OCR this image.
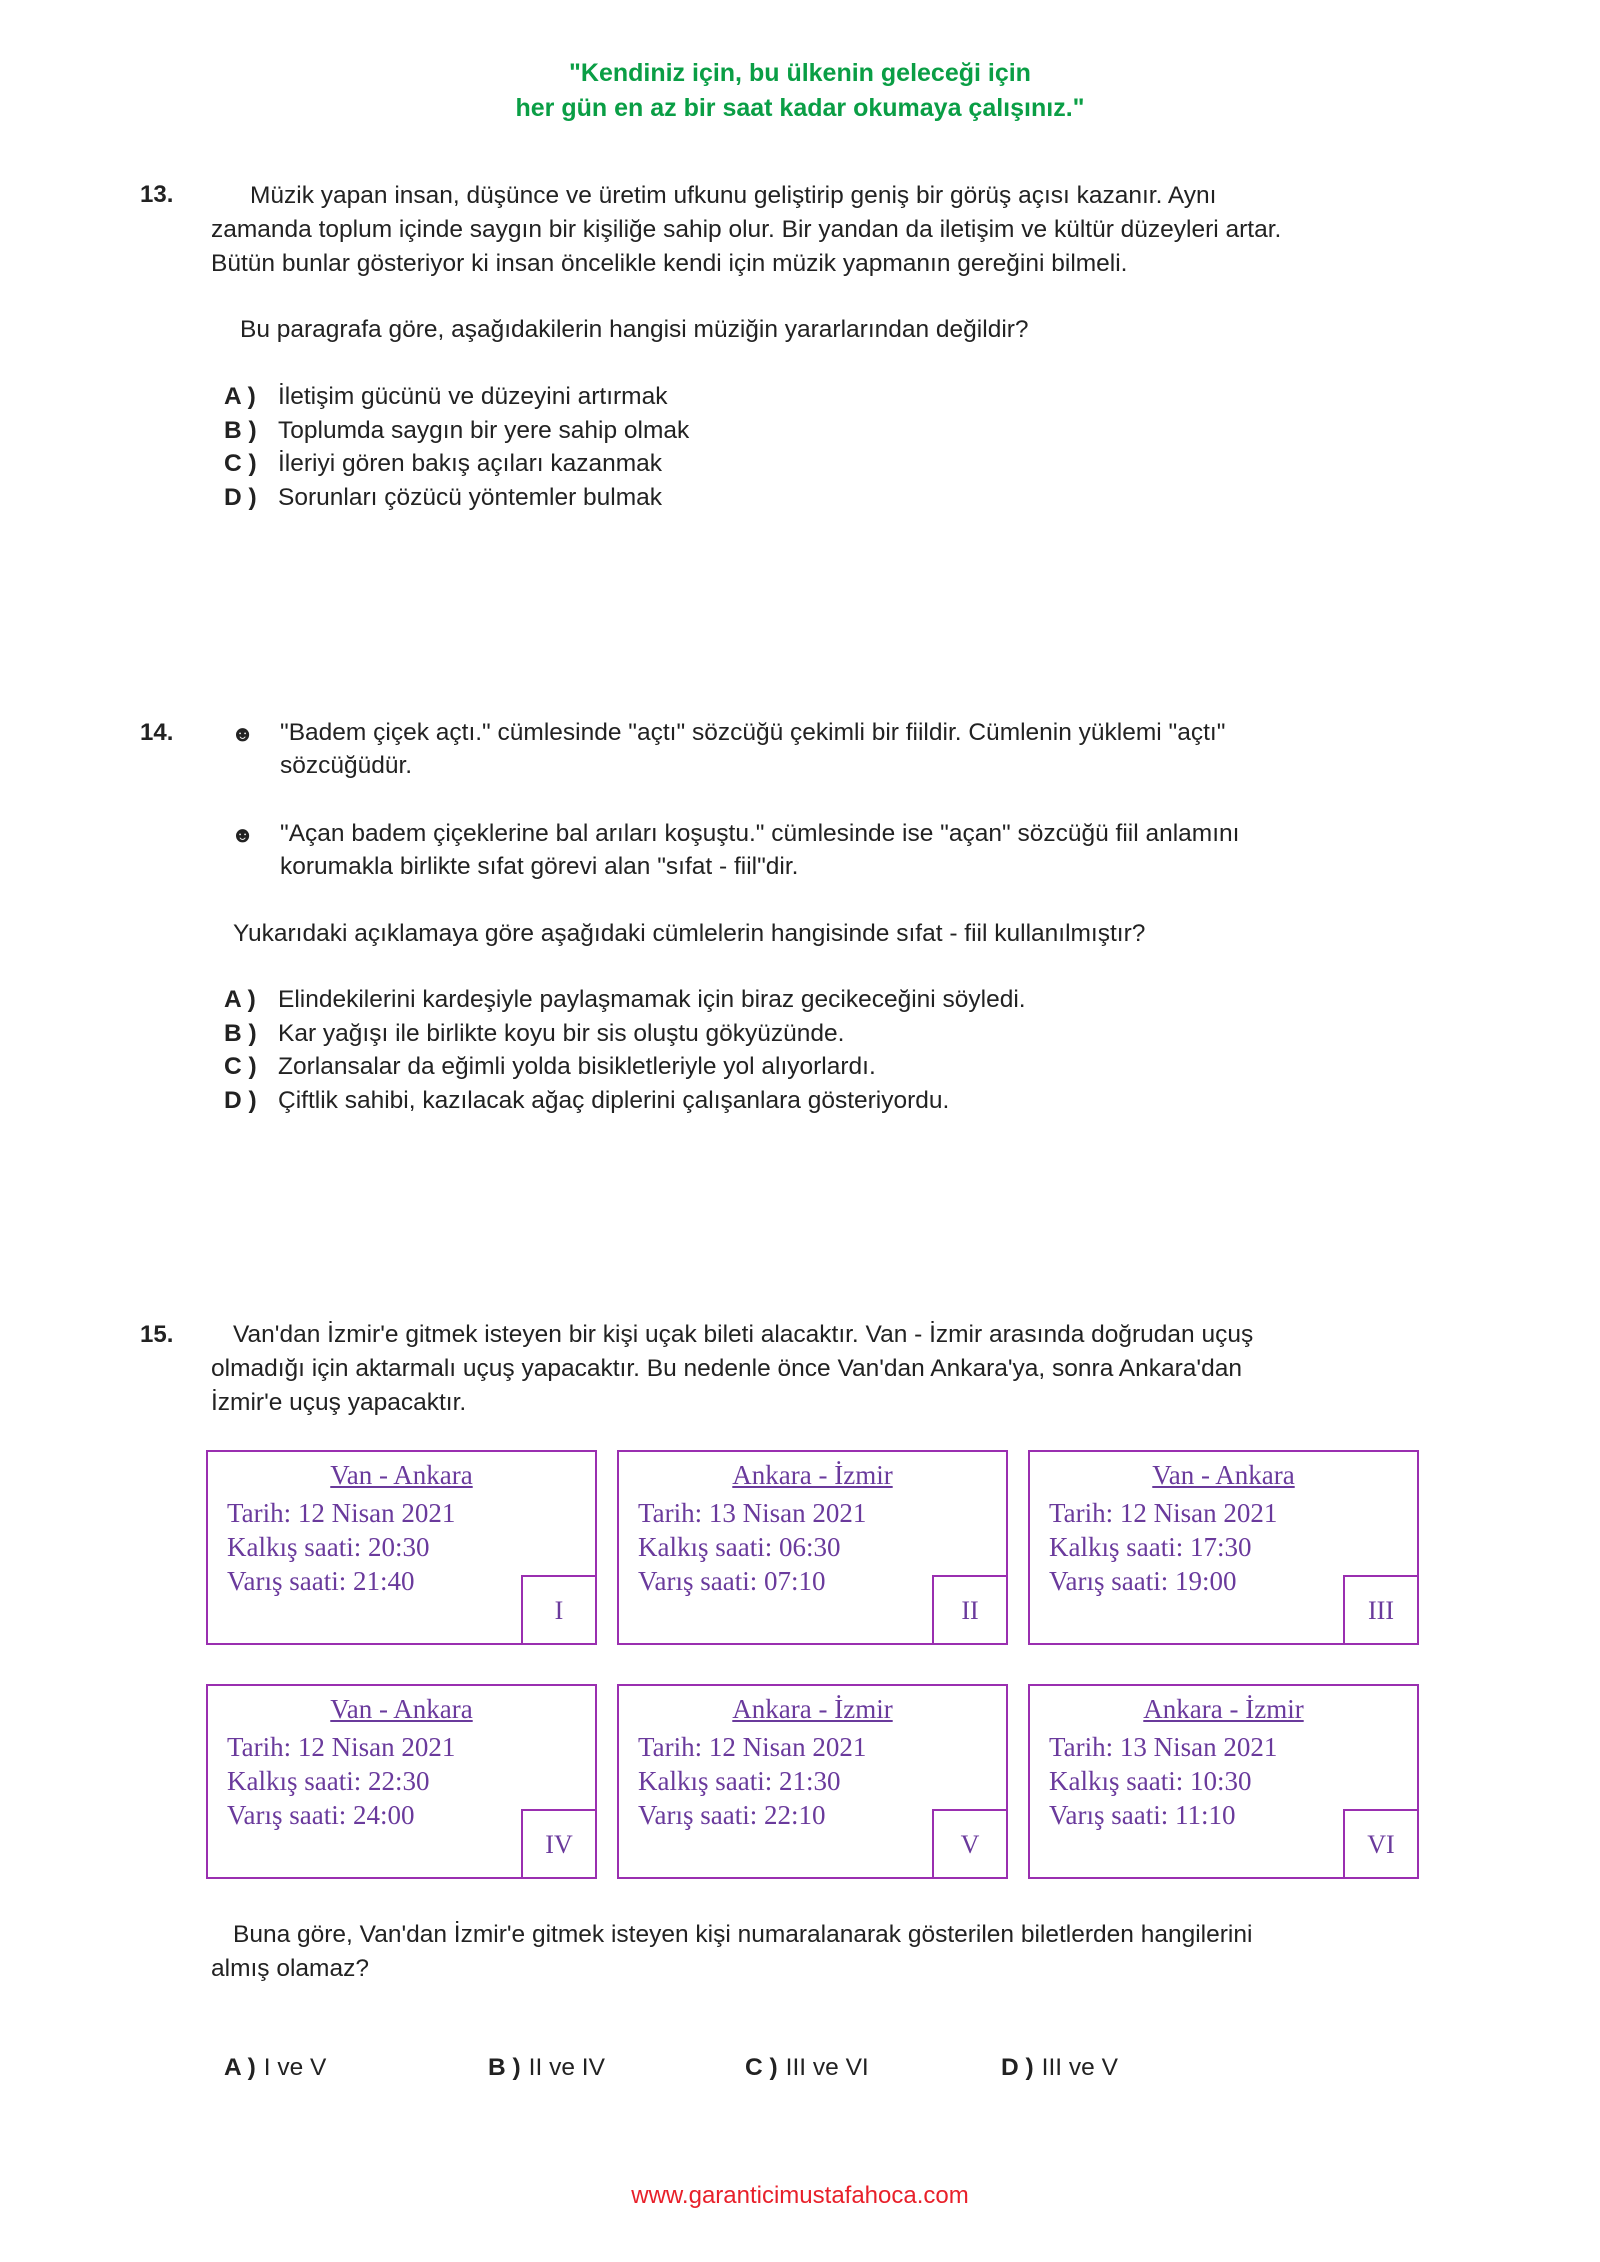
"Kendiniz için, bu ülkenin geleceği için
her gün en az bir saat kadar okumaya çalışınız."
13.	Müzik yapan insan, düşünce ve üretim ufkunu geliştirip geniş bir görüş açısı kazanır. Aynı
zamanda toplum içinde saygın bir kişiliğe sahip olur. Bir yandan da iletişim ve kültür düzeyleri artar.
Bütün bunlar gösteriyor ki insan öncelikle kendi için müzik yapmanın gereğini bilmeli.
Bu paragrafa göre, aşağıdakilerin hangisi müziğin yararlarından değildir?
A ) İletişim gücünü ve düzeyini artırmak
B ) Toplumda saygın bir yere sahip olmak
C ) İleriyi gören bakış açıları kazanmak
D ) Sorunları çözücü yöntemler bulmak
14.	☻ "Badem çiçek açtı." cümlesinde "açtı" sözcüğü çekimli bir fiildir. Cümlenin yüklemi "açtı"
sözcüğüdür.
☻ "Açan badem çiçeklerine bal arıları koşuştu." cümlesinde ise "açan" sözcüğü fiil anlamını
korumakla birlikte sıfat görevi alan "sıfat - fiil"dir.
Yukarıdaki açıklamaya göre aşağıdaki cümlelerin hangisinde sıfat - fiil kullanılmıştır?
A ) Elindekilerini kardeşiyle paylaşmamak için biraz gecikeceğini söyledi.
B ) Kar yağışı ile birlikte koyu bir sis oluştu gökyüzünde.
C ) Zorlansalar da eğimli yolda bisikletleriyle yol alıyorlardı.
D ) Çiftlik sahibi, kazılacak ağaç diplerini çalışanlara gösteriyordu.
15. Van'dan İzmir'e gitmek isteyen bir kişi uçak bileti alacaktır. Van - İzmir arasında doğrudan uçuş
olmadığı için aktarmalı uçuş yapacaktır. Bu nedenle önce Van'dan Ankara'ya, sonra Ankara'dan
İzmir'e uçuş yapacaktır.
Van - Ankara
Tarih: 12 Nisan 2021
Kalkış saati: 20:30
Varış saati: 21:40
I
Ankara - İzmir
Tarih: 13 Nisan 2021
Kalkış saati: 06:30
Varış saati: 07:10
II
Van - Ankara
Tarih: 12 Nisan 2021
Kalkış saati: 17:30
Varış saati: 19:00
III
Van - Ankara
Tarih: 12 Nisan 2021
Kalkış saati: 22:30
Varış saati: 24:00
IV
Ankara - İzmir
Tarih: 12 Nisan 2021
Kalkış saati: 21:30
Varış saati: 22:10
V
Ankara - İzmir
Tarih: 13 Nisan 2021
Kalkış saati: 10:30
Varış saati: 11:10
VI
Buna göre, Van'dan İzmir'e gitmek isteyen kişi numaralanarak gösterilen biletlerden hangilerini
almış olamaz?
A ) I ve V	B ) II ve IV	C ) III ve VI	D ) III ve V
www.garanticimustafahoca.com
